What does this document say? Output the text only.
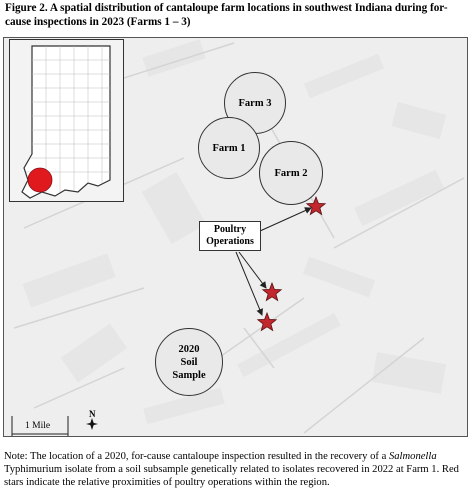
Figure 2. A spatial distribution of cantaloupe farm locations in southwest Indiana during for-cause inspections in 2023 (Farms 1 – 3)
Farm 3
Farm 1
Farm 2
2020
Soil
Sample
Poultry
Operations
1 Mile
N
Note: The location of a 2020, for-cause cantaloupe inspection resulted in the recovery of a Salmonella Typhimurium isolate from a soil subsample genetically related to isolates recovered in 2022 at Farm 1. Red stars indicate the relative proximities of poultry operations within the region.
